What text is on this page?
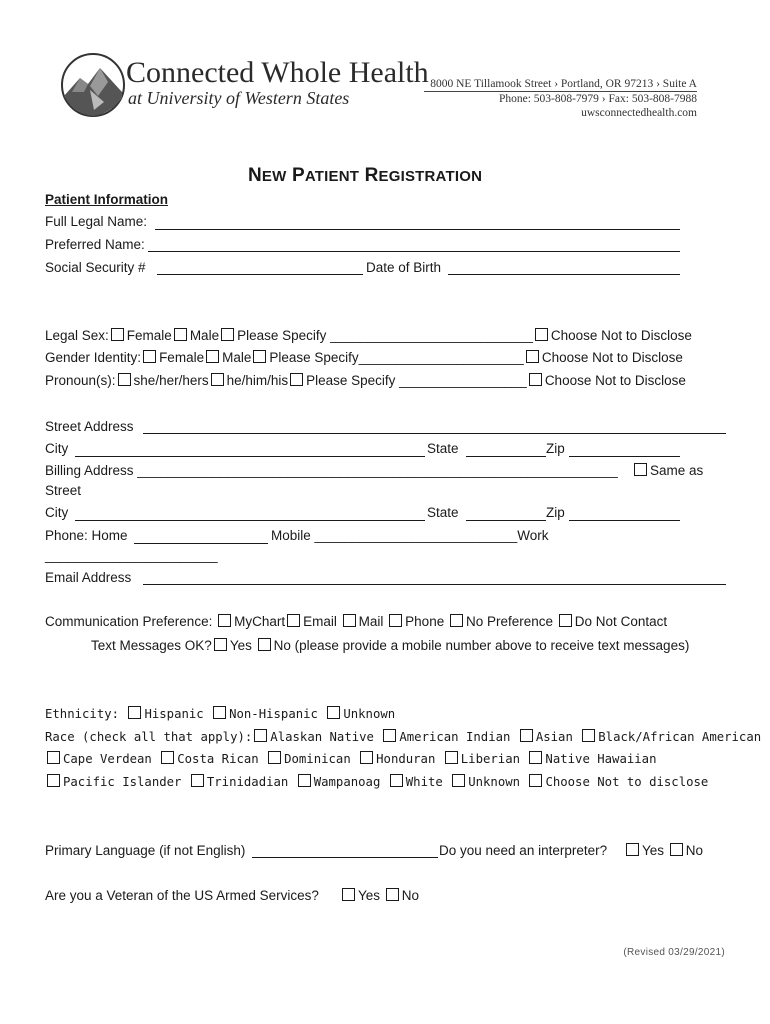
Connected Whole Health
at University of Western States
8000 NE Tillamook Street › Portland, OR 97213 › Suite A
Phone: 503-808-7979 › Fax: 503-808-7988
uwsconnectedhealth.com
NEW PATIENT REGISTRATION
Patient Information
Full Legal Name:
Preferred Name:
Social Security #	Date of Birth
Legal Sex: Female Male Please Specify ___________________________ Choose Not to Disclose
Gender Identity: Female Male Please Specify______________________ Choose Not to Disclose
Pronoun(s): she/her/hers he/him/his Please Specify _________________ Choose Not to Disclose
Street Address
City	State	Zip
Billing Address ________________________________________________________________	Same as
Street
City	State	Zip
Phone: Home	Mobile ___________________________Work
_______________________
Email Address
Communication Preference: MyChart Email Mail Phone No Preference Do Not Contact
Text Messages OK? Yes No (please provide a mobile number above to receive text messages)
Ethnicity: Hispanic Non-Hispanic Unknown
Race (check all that apply): Alaskan Native American Indian Asian Black/African American
Cape Verdean Costa Rican Dominican Honduran Liberian Native Hawaiian
Pacific Islander Trinidadian Wampanoag White Unknown Choose Not to disclose
Primary Language (if not English)	Do you need an interpreter?	Yes No
Are you a Veteran of the US Armed Services?	Yes No
(Revised 03/29/2021)
